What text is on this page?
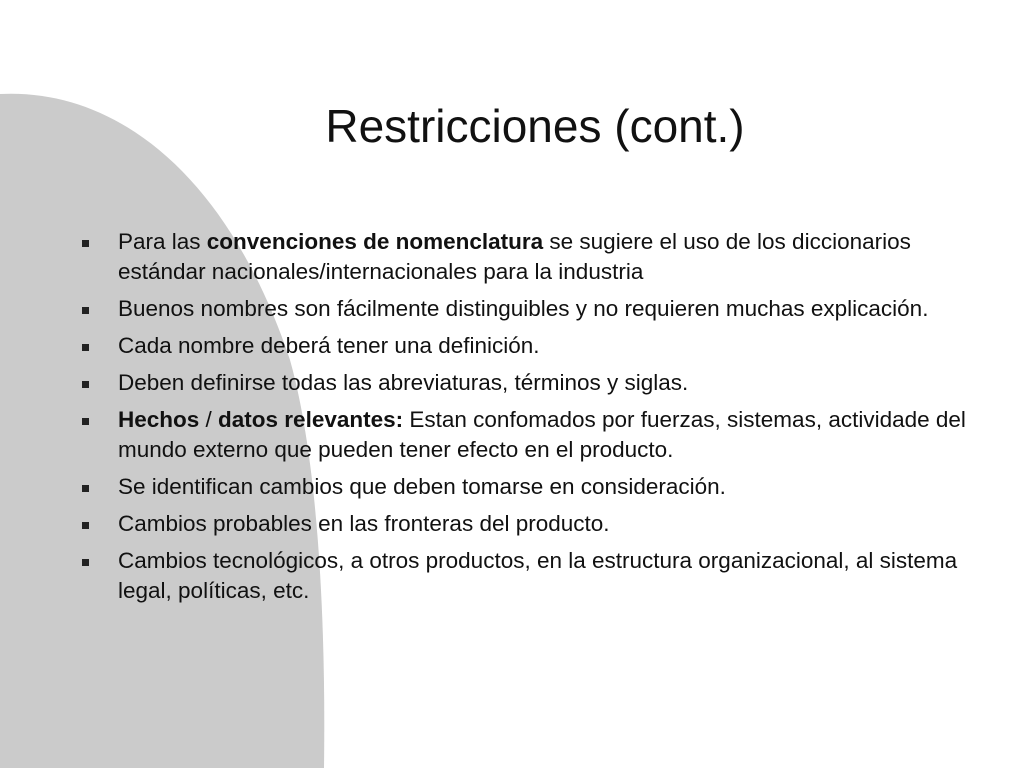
Restricciones (cont.)
Para las convenciones de nomenclatura se sugiere el uso de los diccionarios estándar nacionales/internacionales para la industria
Buenos nombres son fácilmente distinguibles y no requieren muchas explicación.
Cada nombre deberá tener una definición.
Deben definirse todas las abreviaturas, términos y siglas.
Hechos / datos relevantes: Estan confomados por fuerzas, sistemas, actividade del mundo externo que pueden tener efecto en el producto.
Se identifican cambios que deben tomarse en consideración.
Cambios probables en las fronteras del producto.
Cambios tecnológicos, a otros productos, en la estructura organizacional, al sistema legal, políticas, etc.
